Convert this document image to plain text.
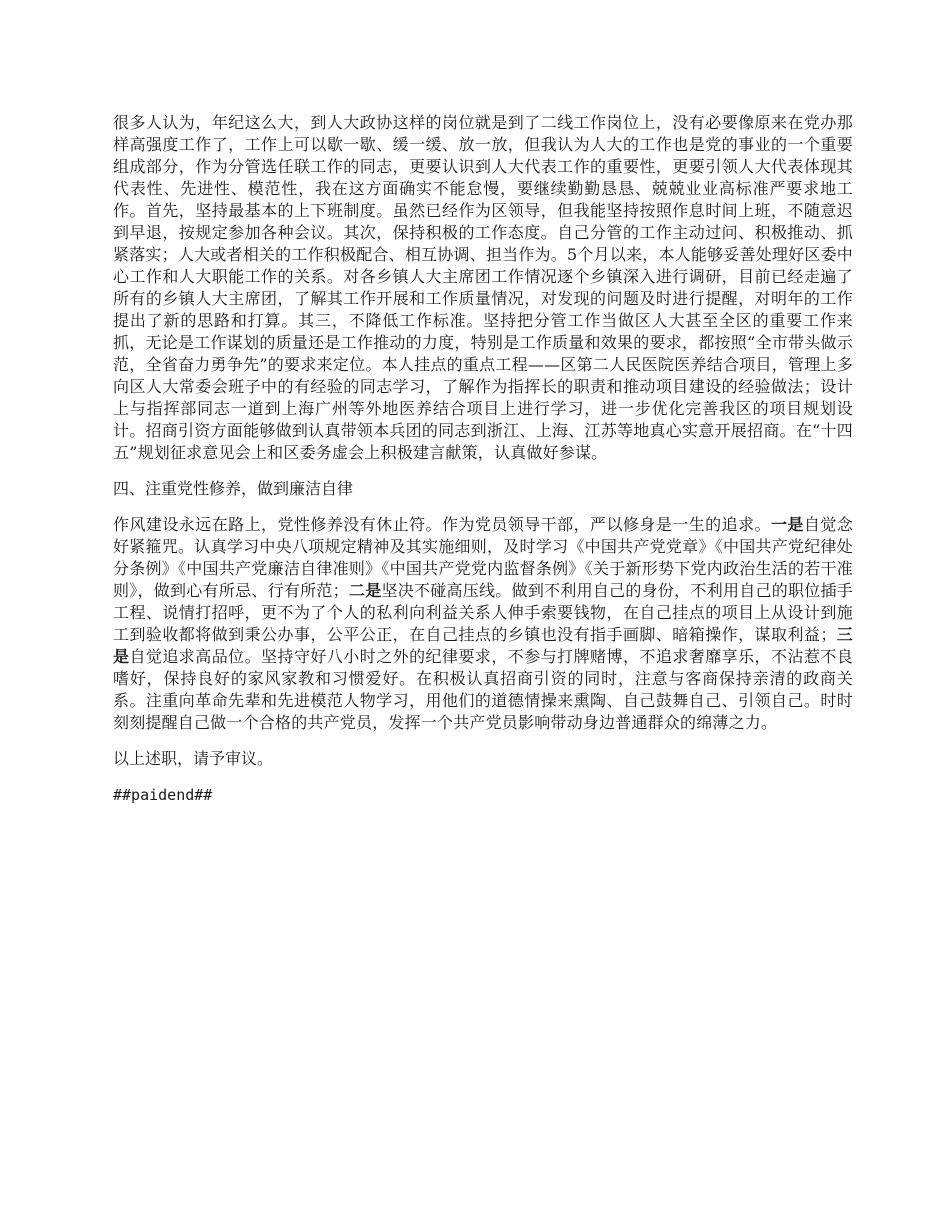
很多人认为，年纪这么大，到人大政协这样的岗位就是到了二线工作岗位上，没有必要像原来在党办那样高强度工作了，工作上可以歇一歇、缓一缓、放一放，但我认为人大的工作也是党的事业的一个重要组成部分，作为分管选任联工作的同志，更要认识到人大代表工作的重要性，更要引领人大代表体现其代表性、先进性、模范性，我在这方面确实不能怠慢，要继续勤勤恳恳、兢兢业业高标准严要求地工作。首先，坚持最基本的上下班制度。虽然已经作为区领导，但我能坚持按照作息时间上班，不随意迟到早退，按规定参加各种会议。其次，保持积极的工作态度。自己分管的工作主动过问、积极推动、抓紧落实；人大或者相关的工作积极配合、相互协调、担当作为。5个月以来，本人能够妥善处理好区委中心工作和人大职能工作的关系。对各乡镇人大主席团工作情况逐个乡镇深入进行调研，目前已经走遍了所有的乡镇人大主席团，了解其工作开展和工作质量情况，对发现的问题及时进行提醒，对明年的工作提出了新的思路和打算。其三，不降低工作标准。坚持把分管工作当做区人大甚至全区的重要工作来抓，无论是工作谋划的质量还是工作推动的力度，特别是工作质量和效果的要求，都按照“全市带头做示范，全省奋力勇争先”的要求来定位。本人挂点的重点工程——区第二人民医院医养结合项目，管理上多向区人大常委会班子中的有经验的同志学习，了解作为指挥长的职责和推动项目建设的经验做法；设计上与指挥部同志一道到上海广州等外地医养结合项目上进行学习，进一步优化完善我区的项目规划设计。招商引资方面能够做到认真带领本兵团的同志到浙江、上海、江苏等地真心实意开展招商。在“十四五”规划征求意见会上和区委务虚会上积极建言献策，认真做好参谋。

四、注重党性修养，做到廉洁自律

作风建设永远在路上，党性修养没有休止符。作为党员领导干部，严以修身是一生的追求。一是自觉念好紧箍咒。认真学习中央八项规定精神及其实施细则，及时学习《中国共产党党章》《中国共产党纪律处分条例》《中国共产党廉洁自律准则》《中国共产党党内监督条例》《关于新形势下党内政治生活的若干准则》，做到心有所忌、行有所范；二是坚决不碰高压线。做到不利用自己的身份，不利用自己的职位插手工程、说情打招呼，更不为了个人的私利向利益关系人伸手索要钱物，在自己挂点的项目上从设计到施工到验收都将做到秉公办事，公平公正，在自己挂点的乡镇也没有指手画脚、暗箱操作，谋取利益；三是自觉追求高品位。坚持守好八小时之外的纪律要求，不参与打牌赌博，不追求奢靡享乐，不沾惹不良嗜好，保持良好的家风家教和习惯爱好。在积极认真招商引资的同时，注意与客商保持亲清的政商关系。注重向革命先辈和先进模范人物学习，用他们的道德情操来熏陶、自己鼓舞自己、引领自己。时时刻刻提醒自己做一个合格的共产党员，发挥一个共产党员影响带动身边普通群众的绵薄之力。

以上述职，请予审议。

##paidend##
